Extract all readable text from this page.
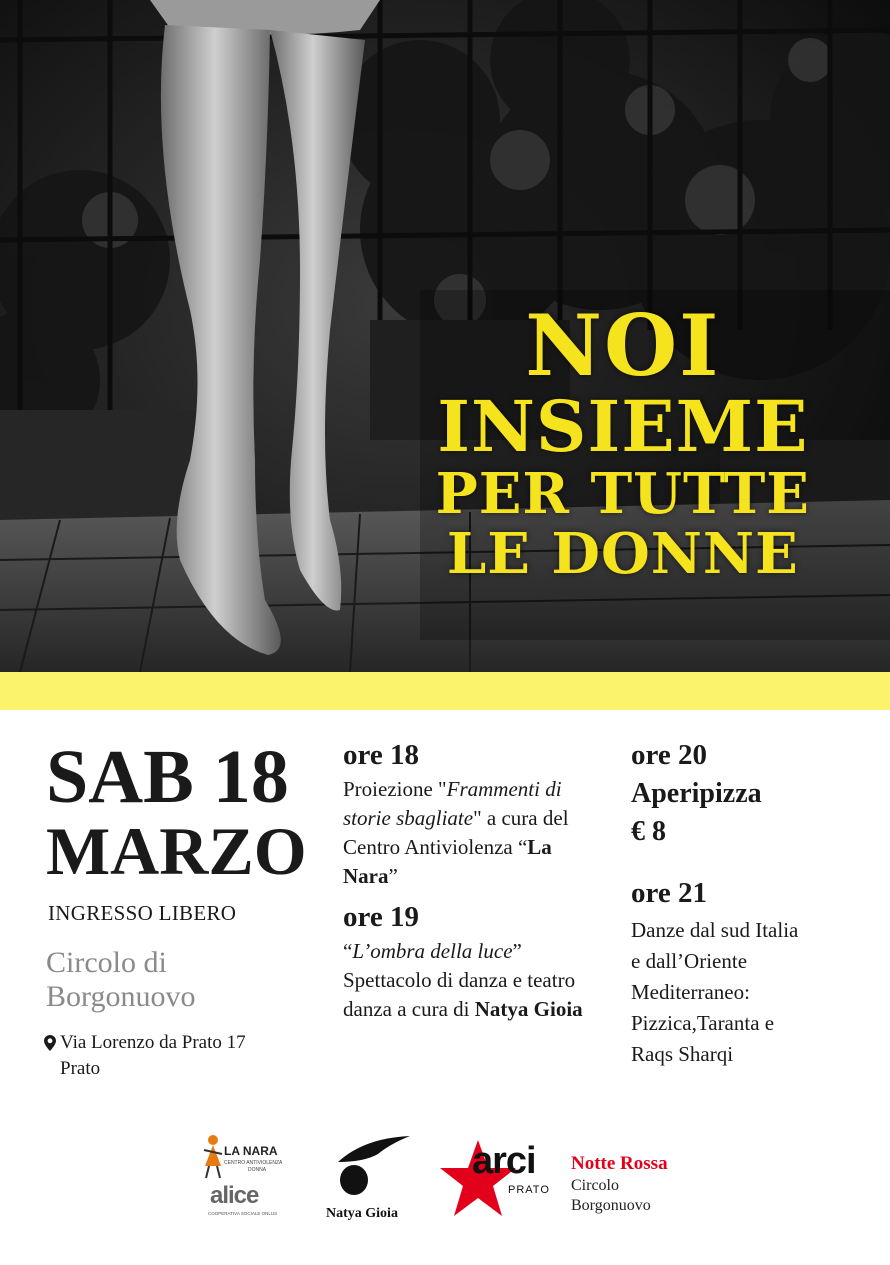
NOI
INSIEME
PER TUTTE
LE DONNE
SAB 18
MARZO
INGRESSO LIBERO
Circolo di
Borgonuovo
Via Lorenzo da Prato 17
Prato
ore 18
Proiezione "Frammenti di storie sbagliate" a cura del Centro Antiviolenza “La Nara”
ore 19
“L’ombra della luce” Spettacolo di danza e teatro danza a cura di Natya Gioia
ore 20
Aperipizza
€ 8
ore 21
Danze dal sud Italia
e dall’Oriente
Mediterraneo:
Pizzica,Taranta e
Raqs Sharqi
LA NARA
CENTRO ANTIVIOLENZA
DONNA
alice
COOPERATIVA SOCIALE ONLUS	Natya Gioia
arci
PRATO
Notte Rossa
Circolo
Borgonuovo
